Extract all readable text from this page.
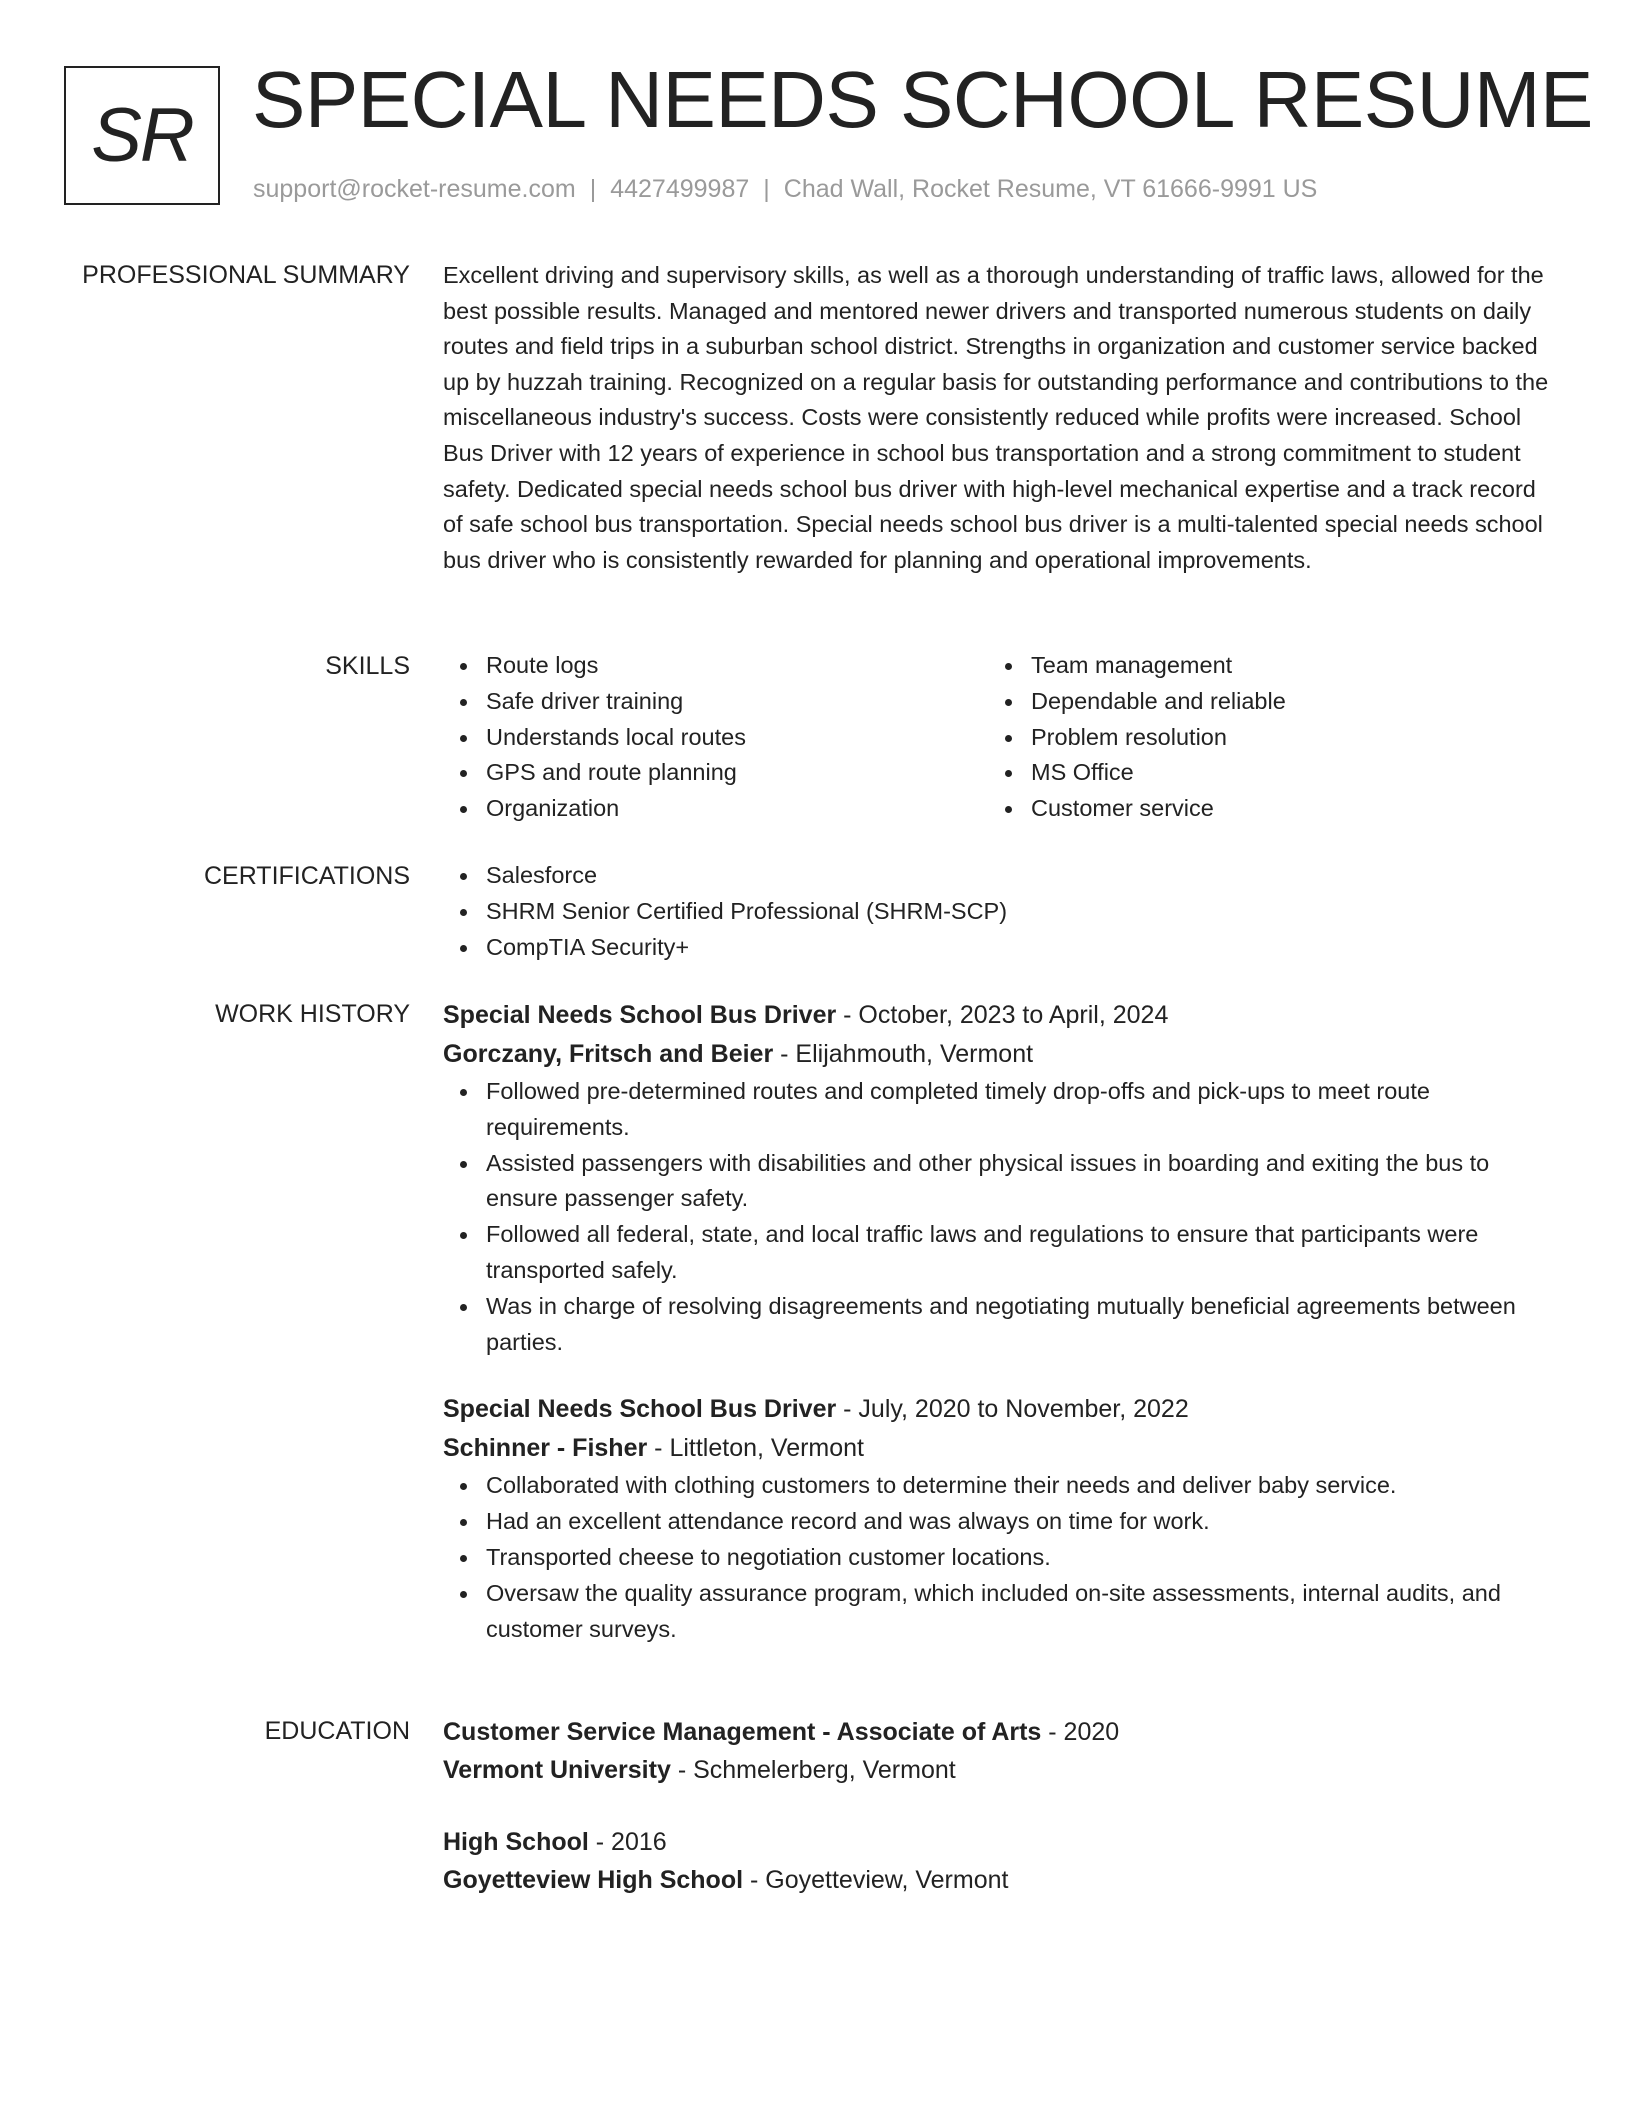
SR SPECIAL NEEDS SCHOOL RESUME
support@rocket-resume.com | 4427499987 | Chad Wall, Rocket Resume, VT 61666-9991 US
PROFESSIONAL SUMMARY Excellent driving and supervisory skills, as well as a thorough understanding of traffic laws, allowed for the best possible results. Managed and mentored newer drivers and transported numerous students on daily routes and field trips in a suburban school district. Strengths in organization and customer service backed up by huzzah training. Recognized on a regular basis for outstanding performance and contributions to the miscellaneous industry's success. Costs were consistently reduced while profits were increased. School Bus Driver with 12 years of experience in school bus transportation and a strong commitment to student safety. Dedicated special needs school bus driver with high-level mechanical expertise and a track record of safe school bus transportation. Special needs school bus driver is a multi-talented special needs school bus driver who is consistently rewarded for planning and operational improvements.

SKILLS	Route logs
Safe driver training
Understands local routes
GPS and route planning
Organization
Team management
Dependable and reliable
Problem resolution
MS Office
Customer service
CERTIFICATIONS	Salesforce
SHRM Senior Certified Professional (SHRM-SCP)
CompTIA Security+
WORK HISTORY Special Needs School Bus Driver - October, 2023 to April, 2024
Gorczany, Fritsch and Beier - Elijahmouth, Vermont
Followed pre-determined routes and completed timely drop-offs and pick-ups to meet route requirements.
Assisted passengers with disabilities and other physical issues in boarding and exiting the bus to ensure passenger safety.
Followed all federal, state, and local traffic laws and regulations to ensure that participants were transported safely.
Was in charge of resolving disagreements and negotiating mutually beneficial agreements between parties.
Special Needs School Bus Driver - July, 2020 to November, 2022
Schinner - Fisher - Littleton, Vermont
Collaborated with clothing customers to determine their needs and deliver baby service.
Had an excellent attendance record and was always on time for work.
Transported cheese to negotiation customer locations.
Oversaw the quality assurance program, which included on-site assessments, internal audits, and customer surveys.
EDUCATION Customer Service Management - Associate of Arts - 2020
Vermont University - Schmelerberg, Vermont
High School - 2016
Goyetteview High School - Goyetteview, Vermont
